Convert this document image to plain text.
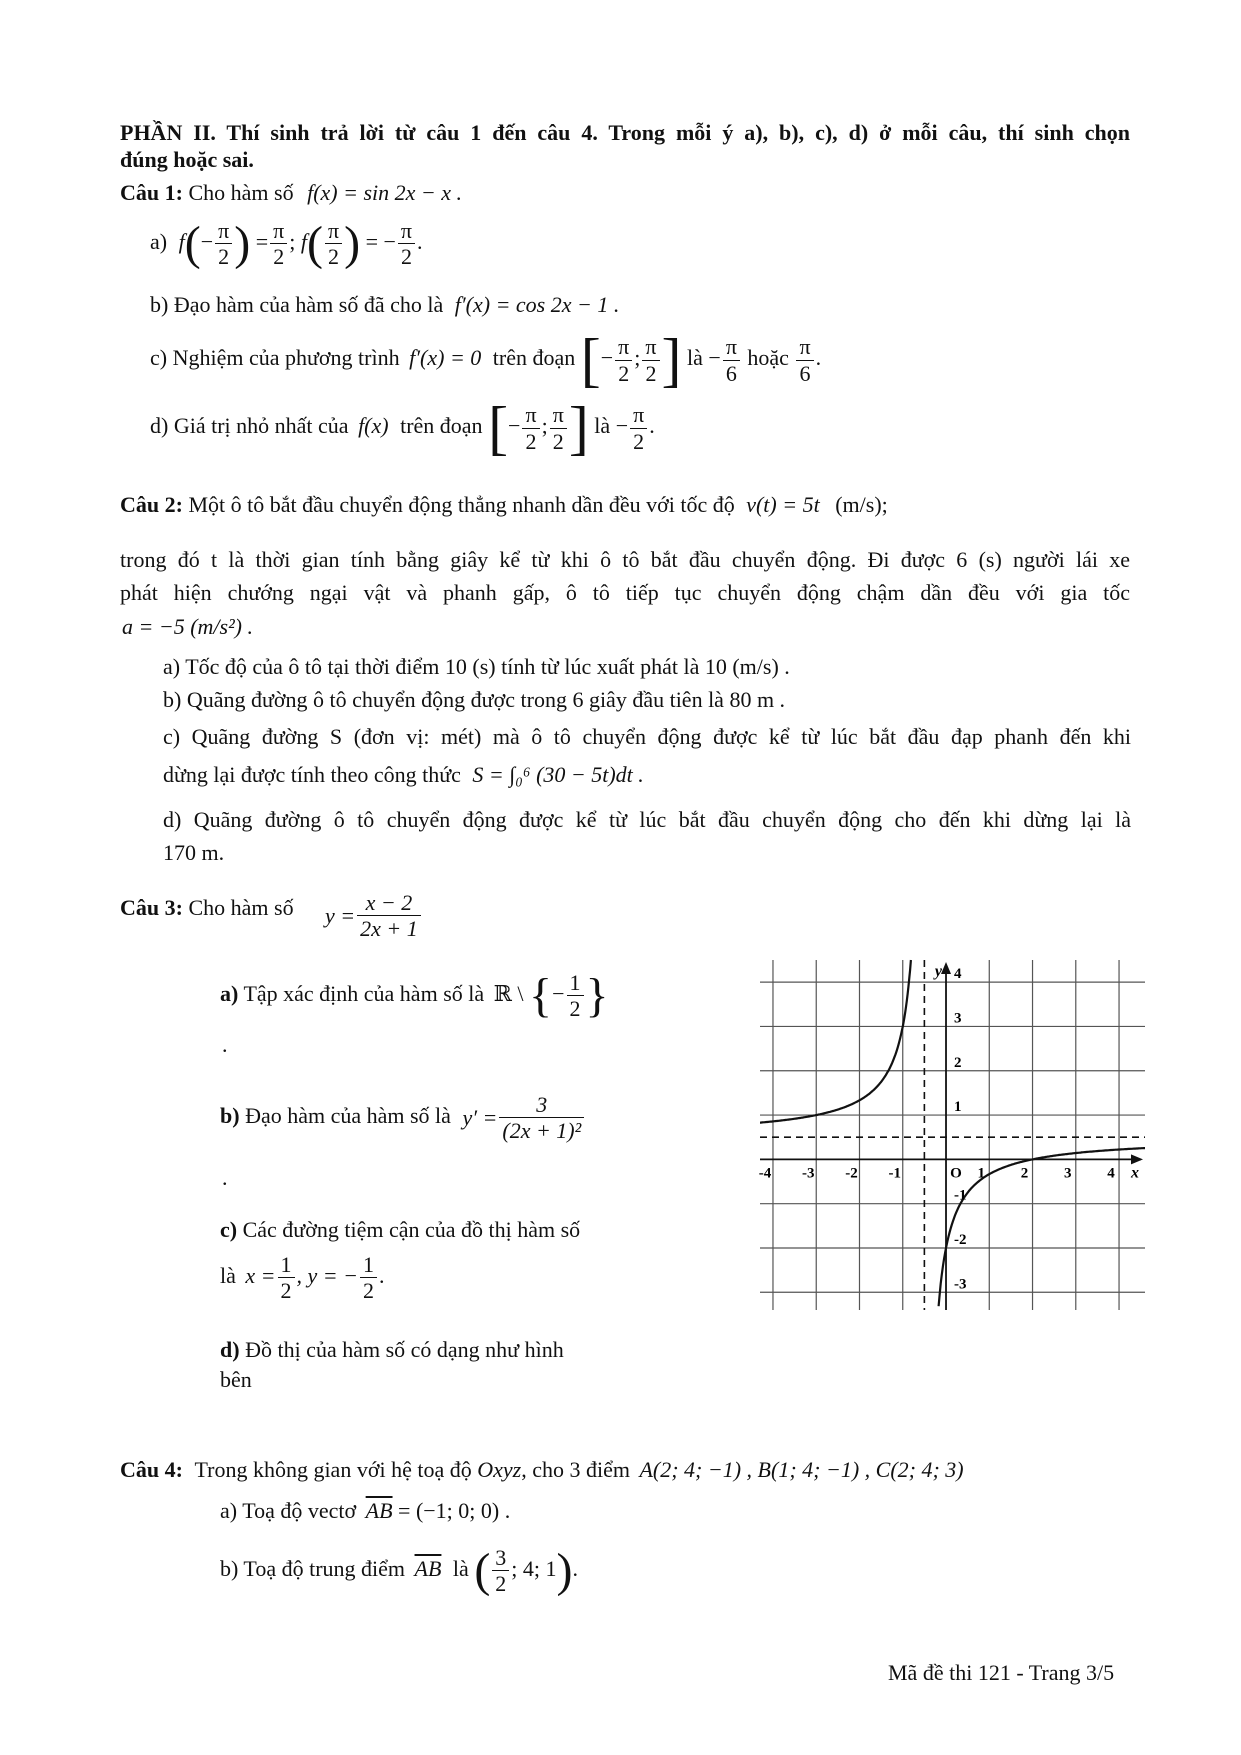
PHẦN II. Thí sinh trả lời từ câu 1 đến câu 4. Trong mỗi ý a), b), c), d) ở mỗi câu, thí sinh chọn
đúng hoặc sai.
Câu 1: Cho hàm số f(x) = sin 2x − x .
a) $f(- \frac{\pi}{2}$ ) = $\frac{\pi}{2}$ ; $f( \frac{\pi}{2}$ ) = − $\frac{\pi}{2}$ .
b) Đạo hàm của hàm số đã cho là f′(x) = cos 2x − 1 .
c) Nghiệm của phương trình f′(x) = 0 trên đoạn [− $\frac{\pi}{2}$ ; $\frac{\pi}{2}$ ] là − $\frac{\pi}{6}$ hoặc $\frac{\pi}{6}$ .
d) Giá trị nhỏ nhất của f(x) trên đoạn [− $\frac{\pi}{2}$ ; $\frac{\pi}{2}$ ] là − $\frac{\pi}{2}$ .
Câu 2: Một ô tô bắt đầu chuyển động thẳng nhanh dần đều với tốc độ v(t) = 5t (m/s);
trong đó t là thời gian tính bằng giây kể từ khi ô tô bắt đầu chuyển động. Đi được 6 (s) người lái xe
phát hiện chướng ngại vật và phanh gấp, ô tô tiếp tục chuyển động chậm dần đều với gia tốc
a = −5 (m/s²) .
a) Tốc độ của ô tô tại thời điểm 10 (s) tính từ lúc xuất phát là 10 (m/s) .
b) Quãng đường ô tô chuyển động được trong 6 giây đầu tiên là 80 m .
c) Quãng đường S (đơn vị: mét) mà ô tô chuyển động được kể từ lúc bắt đầu đạp phanh đến khi
dừng lại được tính theo công thức S = ∫₀⁶ (30 − 5t)dt .
d) Quãng đường ô tô chuyển động được kể từ lúc bắt đầu chuyển động cho đến khi dừng lại là
170 m.
Câu 3: Cho hàm số $y = \frac{x - 2}{2x + 1}$
a) Tập xác định của hàm số là ℝ \ {− $\frac{1}{2}$ }
.
b) Đạo hàm của hàm số là $y' = \frac{3}{\text{(2x + 1)²}}$
.
c) Các đường tiệm cận của đồ thị hàm số
là $x = \frac{1}{2}$ , y = − $\frac{1}{2}$ .
d) Đồ thị của hàm số có dạng như hình
bên
-4 -3 -2 -1	O 1 2 3 4
4
3
2
1
-1
-2
-3
x
y
Câu 4: Trong không gian với hệ toạ độ Oxyz, cho 3 điểm A(2; 4; −1) , B(1; 4; −1) , C(2; 4; 3)
a) Toạ độ vectơ $\overline{AB} = (-1$; 0; 0) .
b) Toạ độ trung điểm $\overline{AB}$ là ( $\frac{3}{2}$ ; 4; 1).
Mã đề thi 121 - Trang 3/5
